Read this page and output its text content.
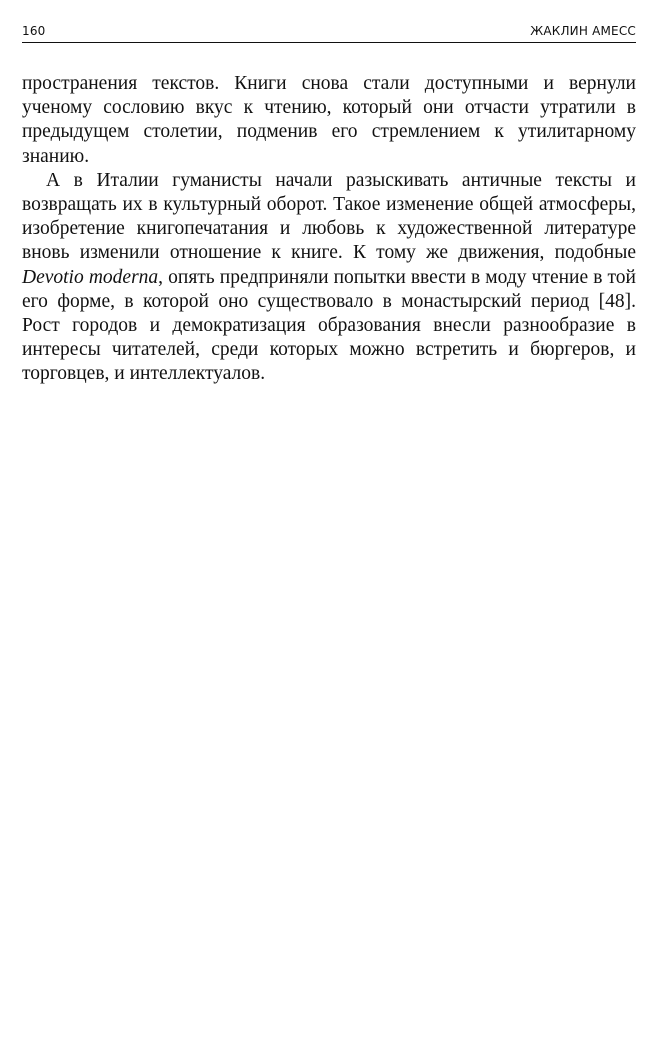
160	ЖАКЛИН АМЕСС

пространения текстов. Книги снова стали доступными и вернули ученому сословию вкус к чтению, который они отчасти утратили в предыдущем столетии, подменив его стремлением к утилитарному знанию.

А в Италии гуманисты начали разыскивать античные тексты и возвращать их в культурный оборот. Такое изменение общей атмосферы, изобретение книгопечатания и любовь к художественной литературе вновь изменили отношение к книге. К тому же движения, подобные Devotio moderna, опять предприняли попытки ввести в моду чтение в той его форме, в которой оно существовало в монастырский период [48]. Рост городов и демократизация образования внесли разнообразие в интересы читателей, среди которых можно встретить и бюргеров, и торговцев, и интеллектуалов.
